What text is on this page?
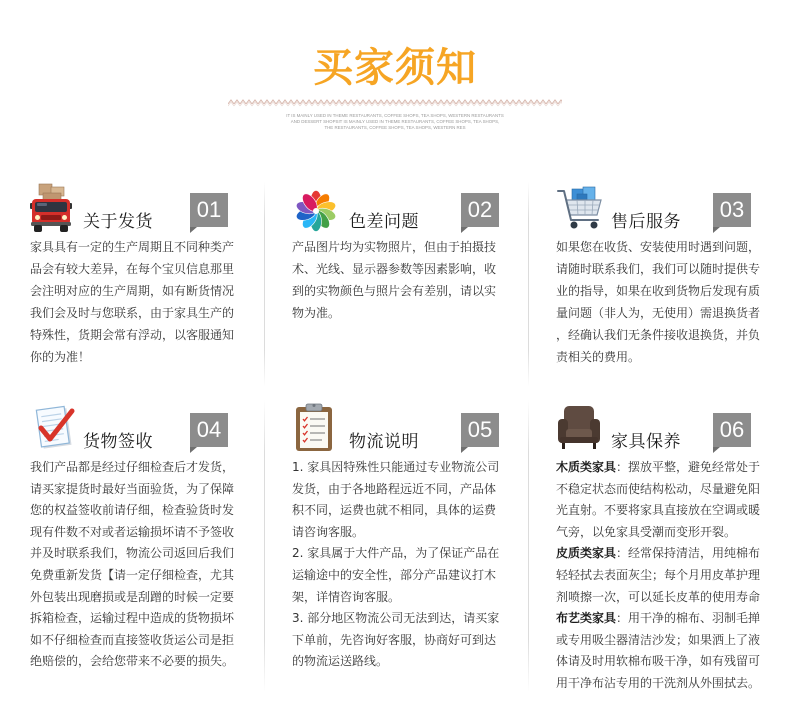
买家须知
IT IS MAINLY USED IN THEME RESTAURANTS, COFFEE SHOPS, TEA SHOPS, WESTERN RESTAURANTS
AND DESSERT SHOPSIT IS MAINLY USED IN THEME RESTAURANTS, COFFEE SHOPS, TEA SHOPS,
THE RESTAURANTS, COFFEE SHOPS, TEA SHOPS, WESTERN RES
关于发货	01
家具具有一定的生产周期且不同种类产
品会有较大差异，在每个宝贝信息那里
会注明对应的生产周期，如有断货情况
我们会及时与您联系，由于家具生产的
特殊性，货期会常有浮动，以客服通知
你的为准！
色差问题	02
产品图片均为实物照片，但由于拍摄技
术、光线、显示器参数等因素影响，收
到的实物颜色与照片会有差别，请以实
物为准。
售后服务	03
如果您在收货、安装使用时遇到问题，
请随时联系我们，我们可以随时提供专
业的指导，如果在收到货物后发现有质
量问题（非人为，无使用）需退换货者
，经确认我们无条件接收退换货，并负
责相关的费用。
货物签收	04
我们产品都是经过仔细检查后才发货，
请买家提货时最好当面验货，为了保障
您的权益签收前请仔细，检查验货时发
现有件数不对或者运输损坏请不予签收
并及时联系我们，物流公司返回后我们
免费重新发货【请一定仔细检查，尤其
外包装出现磨损或是刮蹭的时候一定要
拆箱检查，运输过程中造成的货物损坏
如不仔细检查而直接签收货运公司是拒
绝赔偿的，会给您带来不必要的损失。
物流说明	05
1. 家具因特殊性只能通过专业物流公司
发货，由于各地路程远近不同，产品体
积不同，运费也就不相同，具体的运费
请咨询客服。
2. 家具属于大件产品，为了保证产品在
运输途中的安全性，部分产品建议打木
架，详情咨询客服。
3. 部分地区物流公司无法到达，请买家
下单前，先咨询好客服，协商好可到达
的物流运送路线。
家具保养	06
木质类家具：摆放平整，避免经常处于
不稳定状态而使结构松动，尽量避免阳
光直射。不要将家具直接放在空调或暖
气旁，以免家具受潮而变形开裂。
皮质类家具：经常保持清洁，用纯棉布
轻轻拭去表面灰尘；每个月用皮革护理
剂喷擦一次，可以延长皮革的使用寿命
布艺类家具：用干净的棉布、羽制毛掸
或专用吸尘器清洁沙发；如果洒上了液
体请及时用软棉布吸干净，如有残留可
用干净布沾专用的干洗剂从外围拭去。
